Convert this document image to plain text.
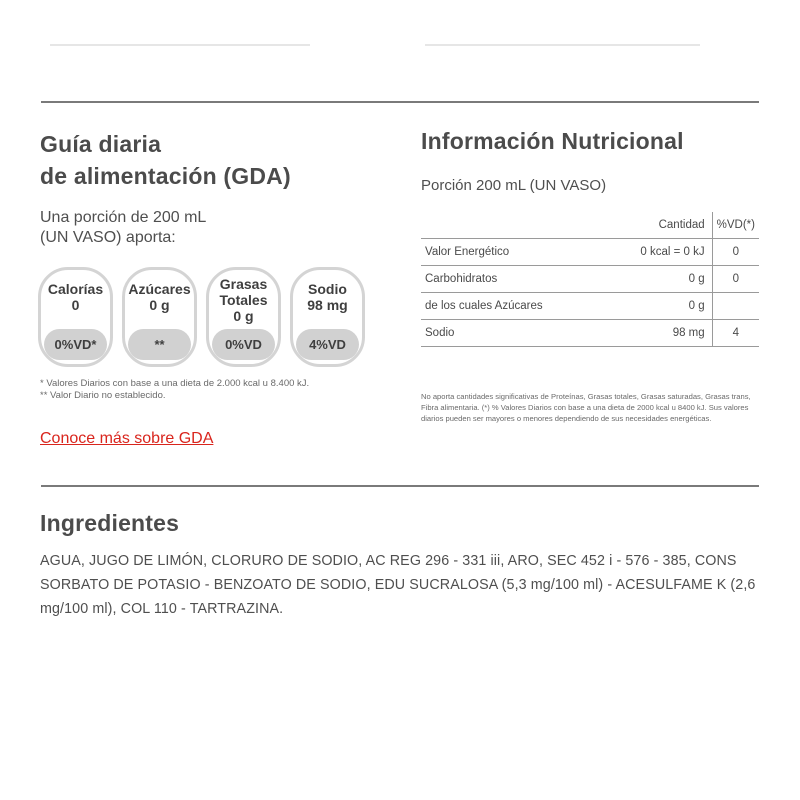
Guía diaria
de alimentación (GDA)
Una porción de 200 mL
(UN VASO) aporta:
Calorías
0
0%VD*
Azúcares
0 g
**
Grasas
Totales
0 g
0%VD
Sodio
98 mg
4%VD
* Valores Diarios con base a una dieta de 2.000 kcal u 8.400 kJ.
** Valor Diario no establecido.
Conoce más sobre GDA
Información Nutricional
Porción 200 mL (UN VASO)
	Cantidad	%VD(*)
Valor Energético	0 kcal = 0 kJ	0
Carbohidratos	0 g	0
de los cuales Azúcares	0 g	
Sodio	98 mg	4
No aporta cantidades significativas de Proteínas, Grasas totales, Grasas saturadas, Grasas trans, Fibra alimentaria. (*) % Valores Diarios con base a una dieta de 2000 kcal u 8400 kJ. Sus valores diarios pueden ser mayores o menores dependiendo de sus necesidades energéticas.
Ingredientes
AGUA, JUGO DE LIMÓN, CLORURO DE SODIO, AC REG 296 - 331 iii, ARO, SEC 452 i - 576 - 385, CONS SORBATO DE POTASIO - BENZOATO DE SODIO, EDU SUCRALOSA (5,3 mg/100 ml) - ACESULFAME K (2,6 mg/100 ml), COL 110 - TARTRAZINA.
